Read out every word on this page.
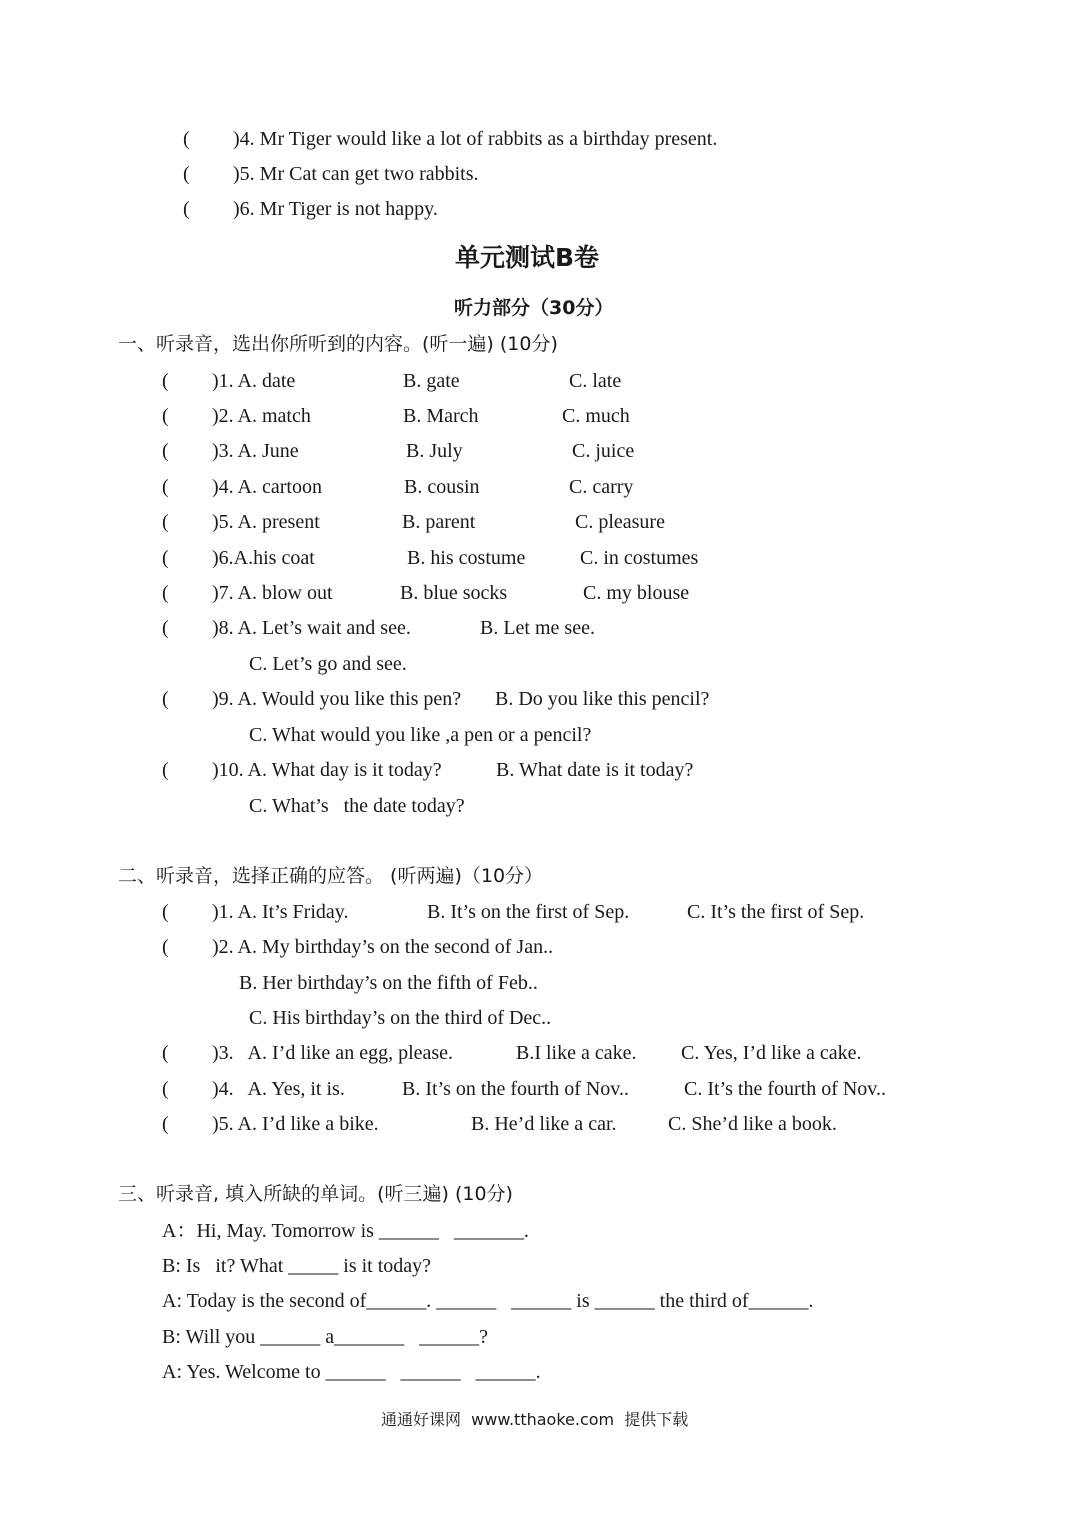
( )4. Mr Tiger would like a lot of rabbits as a birthday present.
( )5. Mr Cat can get two rabbits.
( )6. Mr Tiger is not happy.
单元测试B卷
听力部分（30分）
一、听录音，选出你所听到的内容。(听一遍) (10分)
( )1. A. date	B. gate	C. late
( )2. A. match	B. March	C. much
( )3. A. June	B. July	C. juice
( )4. A. cartoon	B. cousin	C. carry
( )5. A. present	B. parent	C. pleasure
( )6.A.his coat	B. his costume	C. in costumes
( )7. A. blow out	B. blue socks	C. my blouse
( )8. A. Let’s wait and see.	B. Let me see.
C. Let’s go and see.
( )9. A. Would you like this pen? B. Do you like this pencil?
C. What would you like ,a pen or a pencil?
( )10. A. What day is it today?	B. What date is it today?
C. What’s   the date today?
二、听录音，选择正确的应答。 (听两遍)（10分）
( )1. A. It’s Friday.	B. It’s on the first of Sep.	C. It’s the first of Sep.
( )2. A. My birthday’s on the second of Jan..
B. Her birthday’s on the fifth of Feb..
C. His birthday’s on the third of Dec..
( )3.   A. I’d like an egg, please.	B.I like a cake. C. Yes, I’d like a cake.
( )4.   A. Yes, it is.	B. It’s on the fourth of Nov..	C. It’s the fourth of Nov..
( )5. A. I’d like a bike.	B. He’d like a car.	C. She’d like a book.
三、听录音, 填入所缺的单词。(听三遍) (10分)
A：Hi, May. Tomorrow is ______   _______.
B: Is   it? What _____ is it today?
A: Today is the second of______. ______   ______ is ______ the third of______.
B: Will you ______ a_______   ______?
A: Yes. Welcome to ______   ______   ______.
通通好课网  www.tthaoke.com  提供下载
